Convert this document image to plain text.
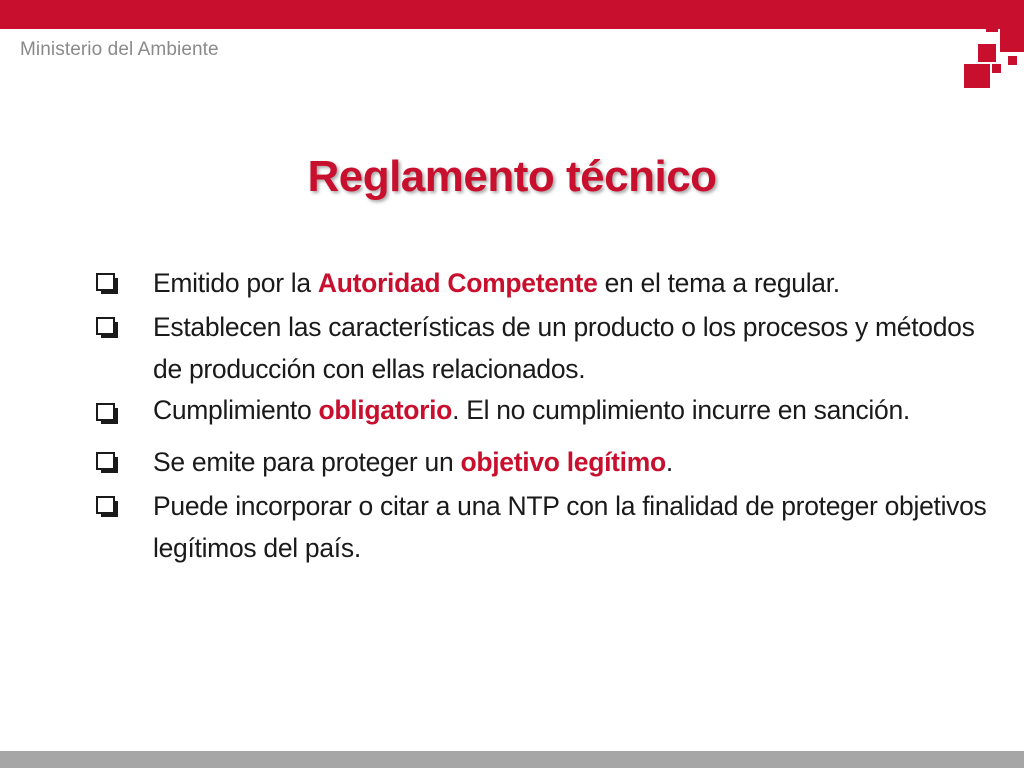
Ministerio del Ambiente
Reglamento técnico
Emitido por la Autoridad Competente en el tema a regular.
Establecen las características de un producto o los procesos y métodos de producción con ellas relacionados.
Cumplimiento obligatorio. El no cumplimiento incurre en sanción.
Se emite para proteger un objetivo legítimo.
Puede incorporar o citar a una NTP con la finalidad de proteger objetivos legítimos del país.
